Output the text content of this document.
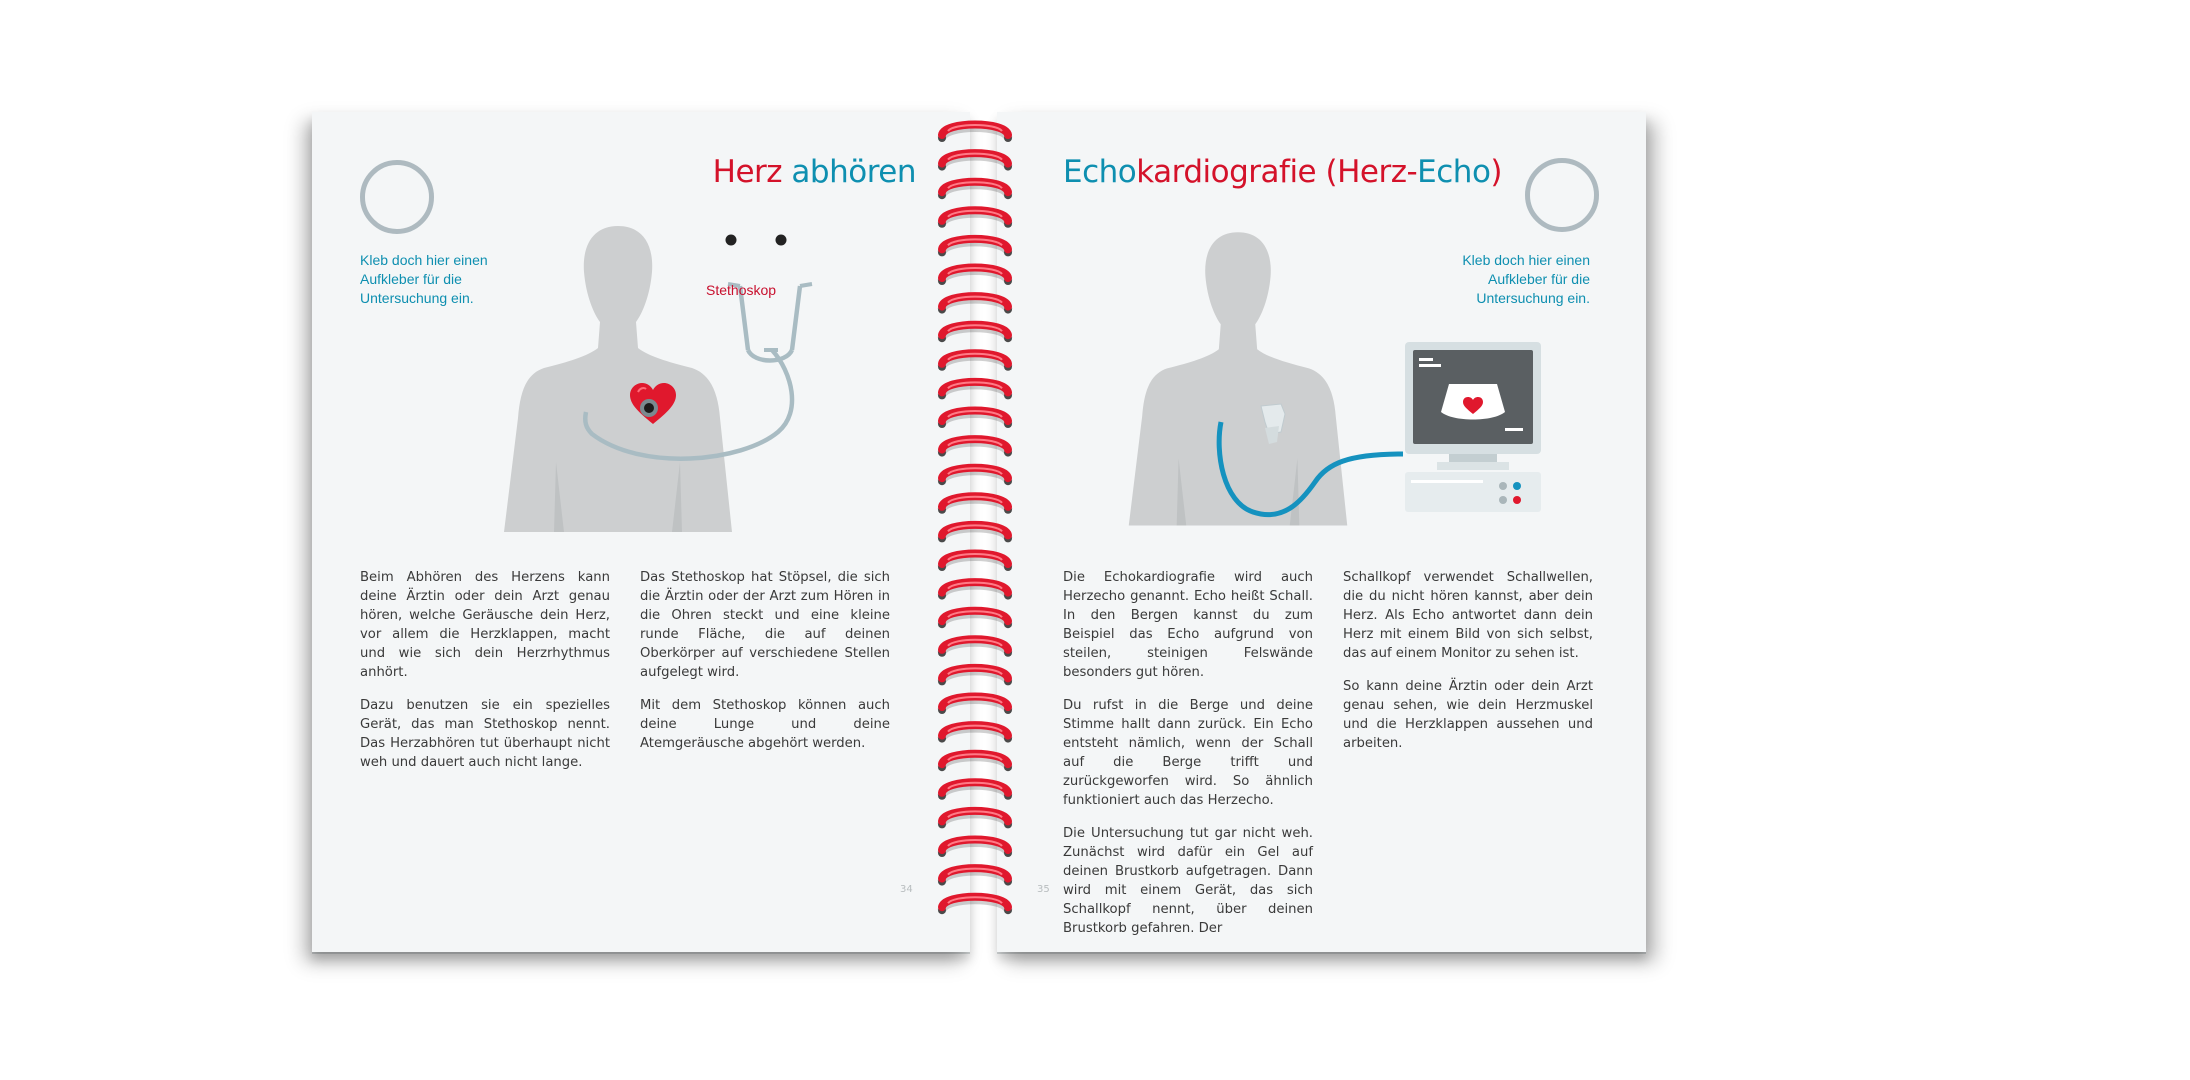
Kleb doch hier einen
Aufkleber für die
Untersuchung ein.
Herz abhören
Stethoskop

Beim Abhören des Herzens kann deine Ärztin oder dein Arzt genau hören, welche Geräusche dein Herz, vor allem die Herzklappen, macht und wie sich dein Herzrhythmus anhört.

Dazu benutzen sie ein spezielles Gerät, das man Stethoskop nennt. Das Herzabhören tut überhaupt nicht weh und dauert auch nicht lange.

Das Stethoskop hat Stöpsel, die sich die Ärztin oder der Arzt zum Hören in die Ohren steckt und eine kleine runde Fläche, die auf deinen Oberkörper auf verschiedene Stellen aufgelegt wird.

Mit dem Stethoskop können auch deine Lunge und deine Atemgeräusche abgehört werden.

34
Echokardiografie (Herz-Echo)
Kleb doch hier einen
Aufkleber für die
Untersuchung ein.

Die Echokardiografie wird auch Herzecho genannt. Echo heißt Schall. In den Bergen kannst du zum Beispiel das Echo aufgrund von steilen, steinigen Felswände besonders gut hören.

Du rufst in die Berge und deine Stimme hallt dann zurück. Ein Echo entsteht nämlich, wenn der Schall auf die Berge trifft und zurückgeworfen wird. So ähnlich funktioniert auch das Herzecho.

Die Untersuchung tut gar nicht weh. Zunächst wird dafür ein Gel auf deinen Brustkorb aufgetragen. Dann wird mit einem Gerät, das sich Schallkopf nennt, über deinen Brustkorb gefahren. Der

Schallkopf verwendet Schallwellen, die du nicht hören kannst, aber dein Herz. Als Echo antwortet dann dein Herz mit einem Bild von sich selbst, das auf einem Monitor zu sehen ist.

So kann deine Ärztin oder dein Arzt genau sehen, wie dein Herzmuskel und die Herzklappen aussehen und arbeiten.

35
